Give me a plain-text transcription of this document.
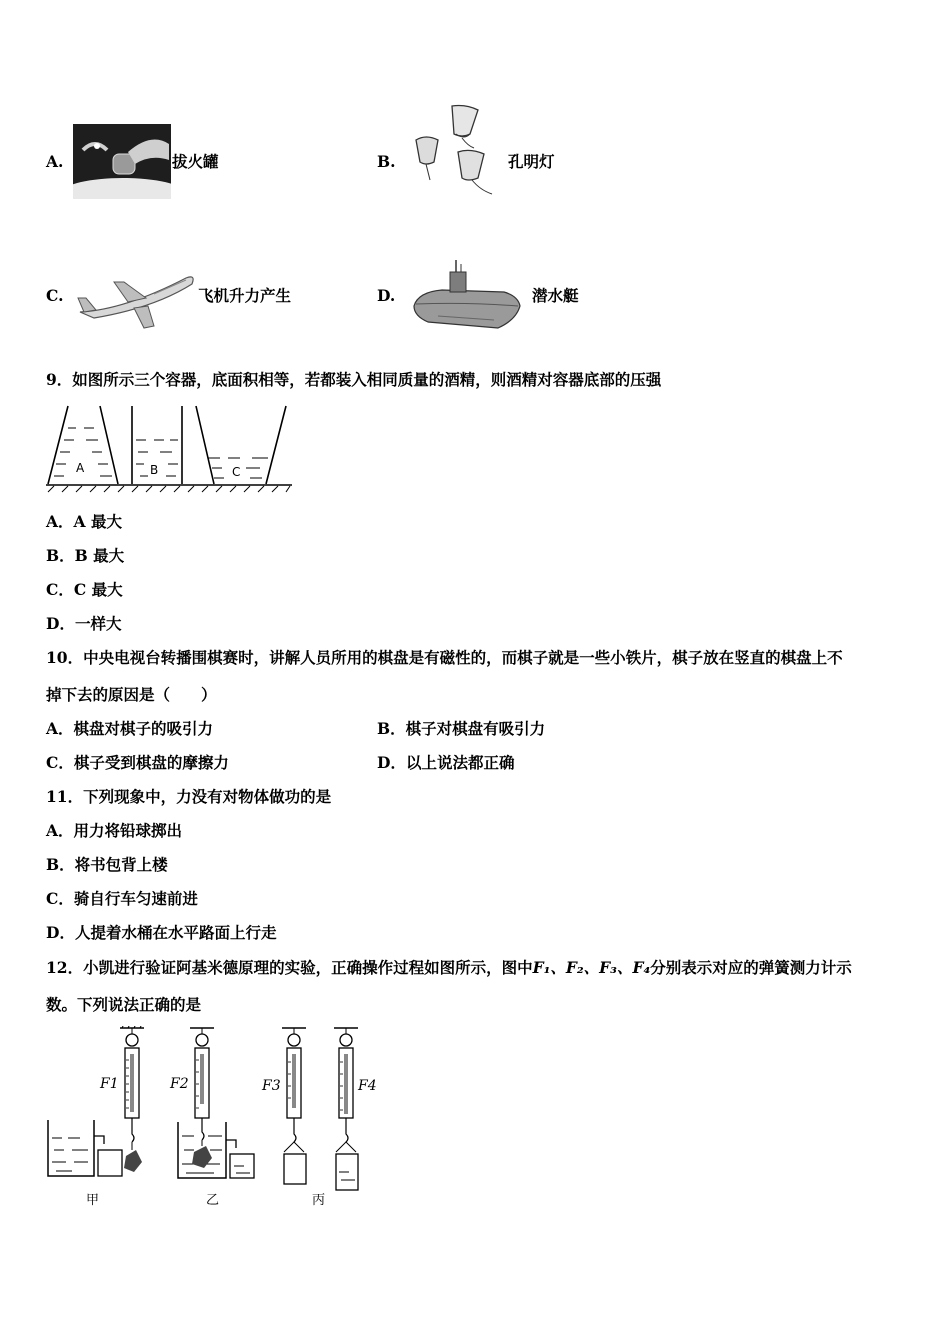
A.	拔火罐	B.	孔明灯
C.	飞机升力产生	D.	潜水艇
9．如图所示三个容器，底面积相等，若都装入相同质量的酒精，则酒精对容器底部的压强
A	B	C
A．A 最大
B．B 最大
C．C 最大
D．一样大
10．中央电视台转播围棋赛时，讲解人员所用的棋盘是有磁性的，而棋子就是一些小铁片，棋子放在竖直的棋盘上不
掉下去的原因是（　　）
A．棋盘对棋子的吸引力	B．棋子对棋盘有吸引力
C．棋子受到棋盘的摩擦力	D．以上说法都正确
11．下列现象中，力没有对物体做功的是
A．用力将铅球掷出
B．将书包背上楼
C．骑自行车匀速前进
D．人提着水桶在水平路面上行走
12．小凯进行验证阿基米德原理的实验，正确操作过程如图所示，图中F₁、F₂、F₃、F₄分别表示对应的弹簧测力计示
数。下列说法正确的是
F1
甲
F2
乙
F3
丙
F4
